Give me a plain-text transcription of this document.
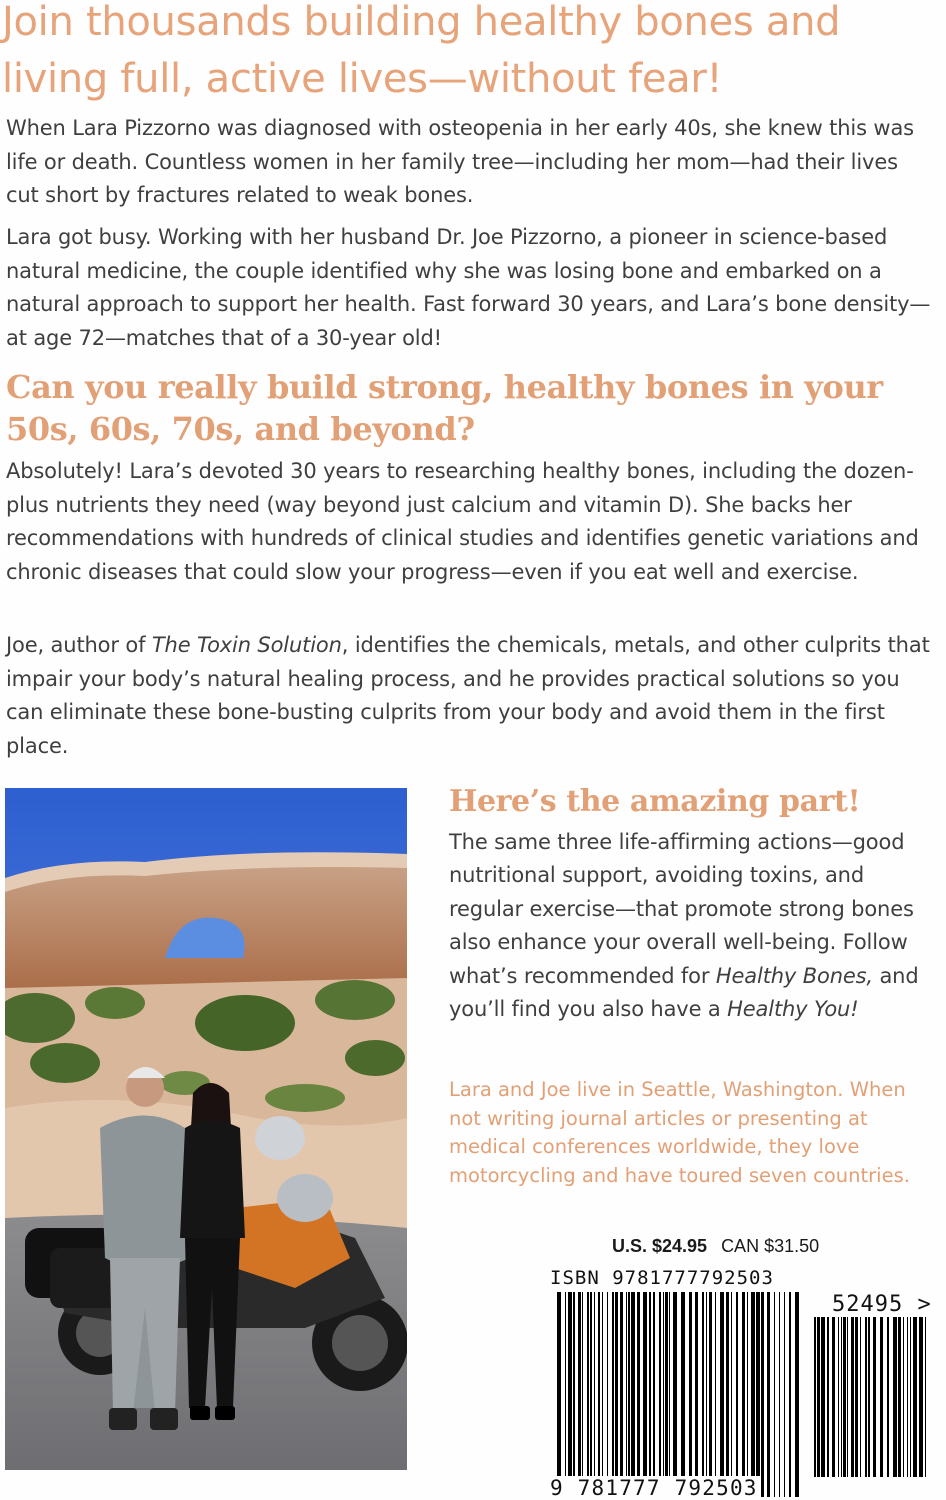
Join thousands building healthy bones and living full, active lives—without fear!

When Lara Pizzorno was diagnosed with osteopenia in her early 40s, she knew this was life or death. Countless women in her family tree—including her mom—had their lives cut short by fractures related to weak bones.

Lara got busy. Working with her husband Dr. Joe Pizzorno, a pioneer in science-based natural medicine, the couple identified why she was losing bone and embarked on a natural approach to support her health. Fast forward 30 years, and Lara’s bone density—at age 72—matches that of a 30-year old!

Can you really build strong, healthy bones in your 50s, 60s, 70s, and beyond?

Absolutely! Lara’s devoted 30 years to researching healthy bones, including the dozen-plus nutrients they need (way beyond just calcium and vitamin D). She backs her recommendations with hundreds of clinical studies and identifies genetic variations and chronic diseases that could slow your progress—even if you eat well and exercise.

Joe, author of The Toxin Solution, identifies the chemicals, metals, and other culprits that impair your body’s natural healing process, and he provides practical solutions so you can eliminate these bone-busting culprits from your body and avoid them in the first place.

Here’s the amazing part!

The same three life-affirming actions—good nutritional support, avoiding toxins, and regular exercise—that promote strong bones also enhance your overall well-being. Follow what’s recommended for Healthy Bones, and you’ll find you also have a Healthy You!

Lara and Joe live in Seattle, Washington. When not writing journal articles or presenting at medical conferences worldwide, they love motorcycling and have toured seven countries.

U.S. $24.95 CAN $31.50
ISBN 9781777792503
52495 >
9 781777 792503
